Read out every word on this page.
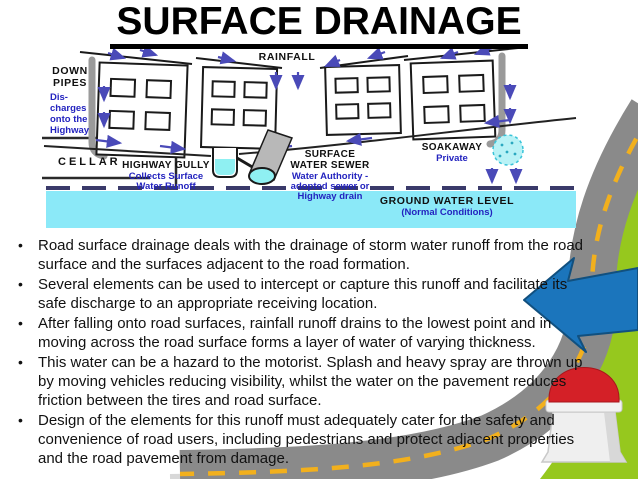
DOWN
PIPES
Dis-
charges
onto the
Highway
RAINFALL
CELLAR HIGHWAY GULLY
Collects Surface
Water Runoff
SURFACE
WATER SEWER
Water Authority -
adopted sewer or
Highway drain
SOAKAWAY
Private
GROUND WATER LEVEL
(Normal Conditions)
SURFACE DRAINAGE
• Road surface drainage deals with the drainage of storm water runoff from the road surface and the surfaces adjacent to the road formation.
• Several elements can be used to intercept or capture this runoff and facilitate its safe discharge to an appropriate receiving location.
• After falling onto road surfaces, rainfall runoff drains to the lowest point and in moving across the road surface forms a layer of water of varying thickness.
• This water can be a hazard to the motorist. Splash and heavy spray are thrown up by moving vehicles reducing visibility, whilst the water on the pavement reduces friction between the tires and road surface.
• Design of the elements for this runoff must adequately cater for the safety and convenience of road users, including pedestrians and protect adjacent properties and the road pavement from damage.
